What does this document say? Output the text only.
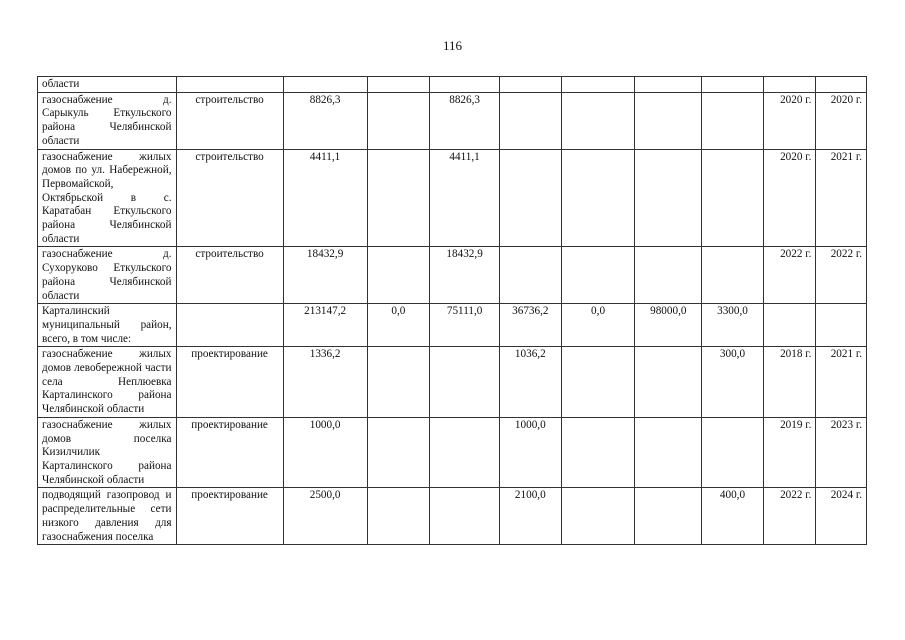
116
области										
газоснабжение д. Сарыкуль Еткульского района Челябинской области	строительство	8826,3		8826,3					2020 г.	2020 г.
газоснабжение жилых домов по ул. Набережной, Первомайской, Октябрьской в с. Каратабан Еткульского района Челябинской области	строительство	4411,1		4411,1					2020 г.	2021 г.
газоснабжение д. Сухоруково Еткульского района Челябинской области	строительство	18432,9		18432,9					2022 г.	2022 г.
Карталинский муниципальный район, всего, в том числе:		213147,2	0,0	75111,0	36736,2	0,0	98000,0	3300,0		
газоснабжение жилых домов левобережной части села Неплюевка Карталинского района Челябинской области	проектирование	1336,2			1036,2			300,0	2018 г.	2021 г.
газоснабжение жилых домов поселка Кизилчилик Карталинского района Челябинской области	проектирование	1000,0			1000,0				2019 г.	2023 г.
подводящий газопровод и распределительные сети низкого давления для газоснабжения поселка	проектирование	2500,0			2100,0			400,0	2022 г.	2024 г.
